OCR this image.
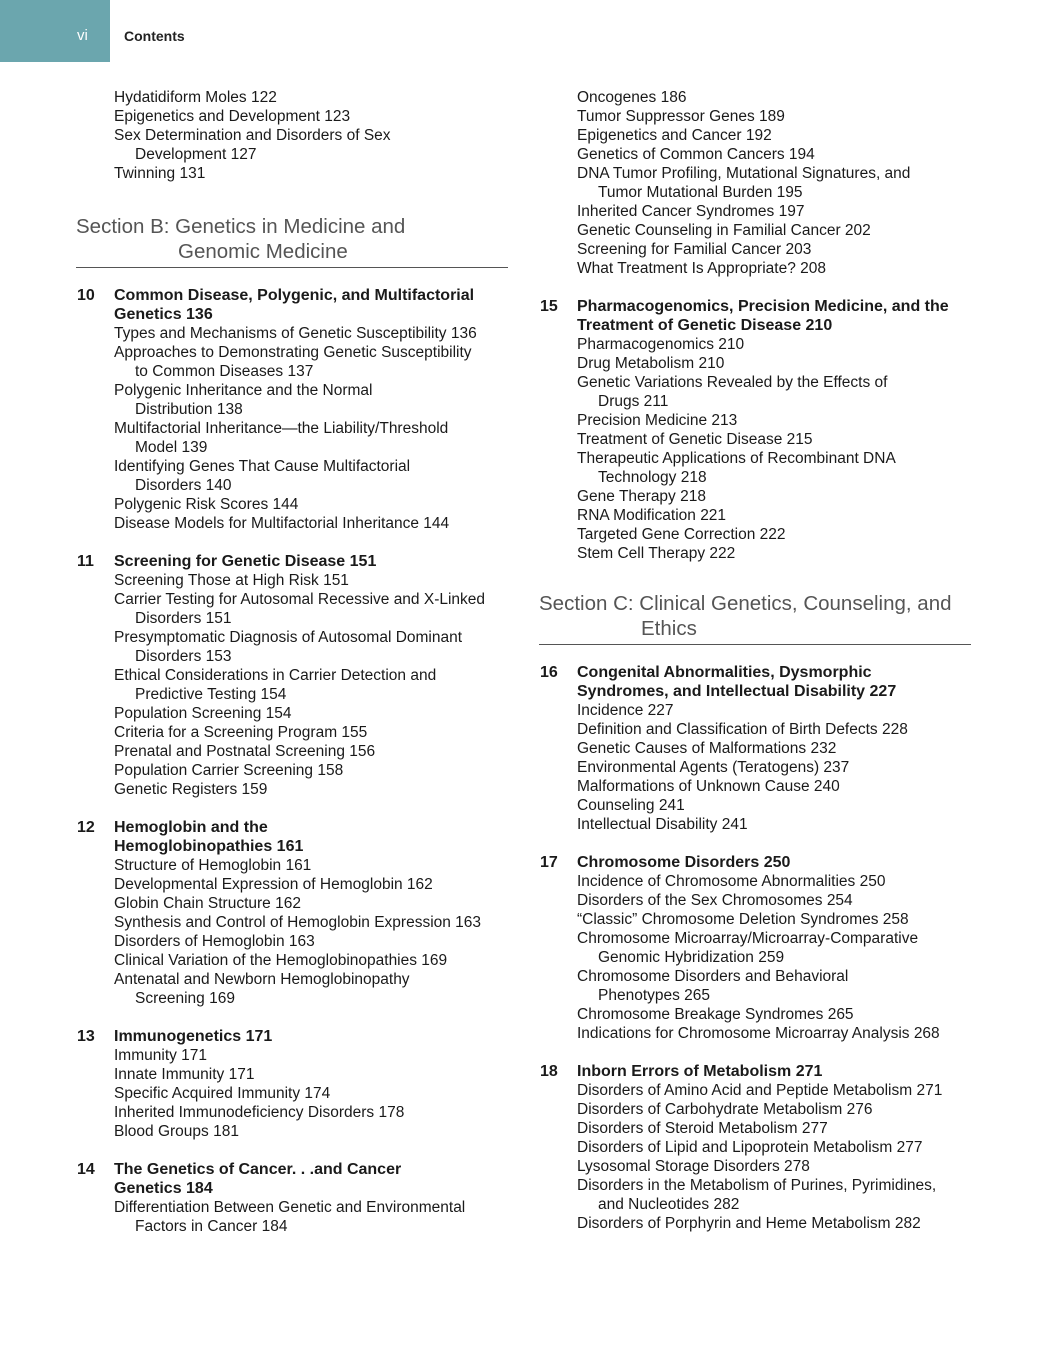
vi	Contents
Hydatidiform Moles 122
Epigenetics and Development 123
Sex Determination and Disorders of Sex
Development 127
Twinning 131
Section B: Genetics in Medicine and
Genomic Medicine
10 Common Disease, Polygenic, and Multifactorial
Genetics 136
Types and Mechanisms of Genetic Susceptibility 136
Approaches to Demonstrating Genetic Susceptibility
to Common Diseases 137
Polygenic Inheritance and the Normal
Distribution 138
Multifactorial Inheritance—the Liability/Threshold
Model 139
Identifying Genes That Cause Multifactorial
Disorders 140
Polygenic Risk Scores 144
Disease Models for Multifactorial Inheritance 144
11 Screening for Genetic Disease 151
Screening Those at High Risk 151
Carrier Testing for Autosomal Recessive and X-Linked
Disorders 151
Presymptomatic Diagnosis of Autosomal Dominant
Disorders 153
Ethical Considerations in Carrier Detection and
Predictive Testing 154
Population Screening 154
Criteria for a Screening Program 155
Prenatal and Postnatal Screening 156
Population Carrier Screening 158
Genetic Registers 159
12 Hemoglobin and the
Hemoglobinopathies 161
Structure of Hemoglobin 161
Developmental Expression of Hemoglobin 162
Globin Chain Structure 162
Synthesis and Control of Hemoglobin Expression 163
Disorders of Hemoglobin 163
Clinical Variation of the Hemoglobinopathies 169
Antenatal and Newborn Hemoglobinopathy
Screening 169
13 Immunogenetics 171
Immunity 171
Innate Immunity 171
Specific Acquired Immunity 174
Inherited Immunodeficiency Disorders 178
Blood Groups 181
14 The Genetics of Cancer. . .and Cancer
Genetics 184
Differentiation Between Genetic and Environmental
Factors in Cancer 184
Oncogenes 186
Tumor Suppressor Genes 189
Epigenetics and Cancer 192
Genetics of Common Cancers 194
DNA Tumor Profiling, Mutational Signatures, and
Tumor Mutational Burden 195
Inherited Cancer Syndromes 197
Genetic Counseling in Familial Cancer 202
Screening for Familial Cancer 203
What Treatment Is Appropriate? 208
15 Pharmacogenomics, Precision Medicine, and the
Treatment of Genetic Disease 210
Pharmacogenomics 210
Drug Metabolism 210
Genetic Variations Revealed by the Effects of
Drugs 211
Precision Medicine 213
Treatment of Genetic Disease 215
Therapeutic Applications of Recombinant DNA
Technology 218
Gene Therapy 218
RNA Modification 221
Targeted Gene Correction 222
Stem Cell Therapy 222
Section C: Clinical Genetics, Counseling, and
Ethics
16 Congenital Abnormalities, Dysmorphic
Syndromes, and Intellectual Disability 227
Incidence 227
Definition and Classification of Birth Defects 228
Genetic Causes of Malformations 232
Environmental Agents (Teratogens) 237
Malformations of Unknown Cause 240
Counseling 241
Intellectual Disability 241
17 Chromosome Disorders 250
Incidence of Chromosome Abnormalities 250
Disorders of the Sex Chromosomes 254
“Classic” Chromosome Deletion Syndromes 258
Chromosome Microarray/Microarray-Comparative
Genomic Hybridization 259
Chromosome Disorders and Behavioral
Phenotypes 265
Chromosome Breakage Syndromes 265
Indications for Chromosome Microarray Analysis 268
18 Inborn Errors of Metabolism 271
Disorders of Amino Acid and Peptide Metabolism 271
Disorders of Carbohydrate Metabolism 276
Disorders of Steroid Metabolism 277
Disorders of Lipid and Lipoprotein Metabolism 277
Lysosomal Storage Disorders 278
Disorders in the Metabolism of Purines, Pyrimidines,
and Nucleotides 282
Disorders of Porphyrin and Heme Metabolism 282
